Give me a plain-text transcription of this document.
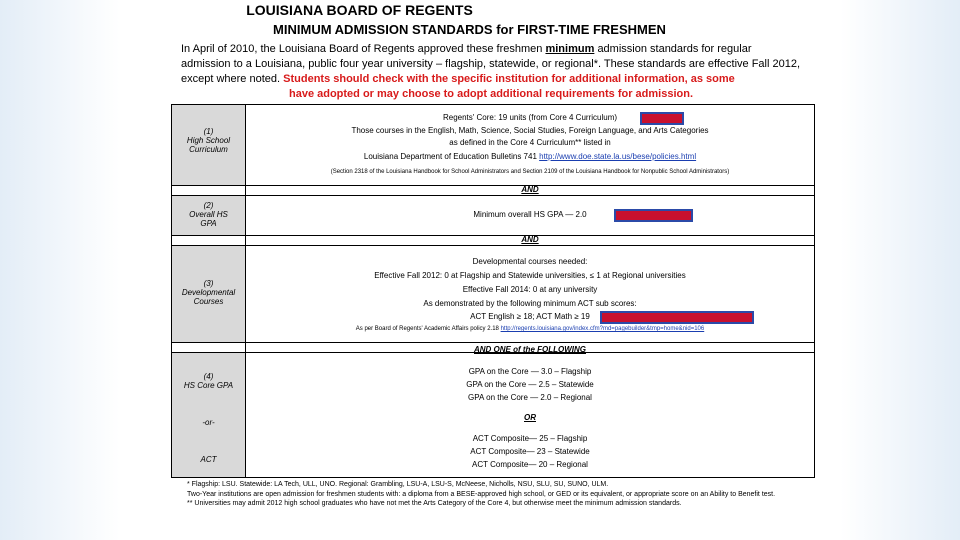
LOUISIANA BOARD OF REGENTS
MINIMUM ADMISSION STANDARDS for FIRST-TIME FRESHMEN
In April of 2010, the Louisiana Board of Regents approved these freshmen minimum admission standards for regular admission to a Louisiana, public four year university – flagship, statewide, or regional*. These standards are effective Fall 2012, except where noted. Students should check with the specific institution for additional information, as some
have adopted or may choose to adopt additional requirements for admission.
(1)
High School
Curriculum
Regents' Core: 19 units (from Core 4 Curriculum)
Those courses in the English, Math, Science, Social Studies, Foreign Language, and Arts Categories
as defined in the Core 4 Curriculum** listed in
Louisiana Department of Education Bulletins 741 http://www.doe.state.la.us/bese/policies.html
(Section 2318 of the Louisiana Handbook for School Administrators and Section 2109 of the Louisiana Handbook for Nonpublic School Administrators)
AND
(2)
Overall HS
GPA
Minimum overall HS GPA — 2.0
AND
(3)
Developmental
Courses
Developmental courses needed:
Effective Fall 2012: 0 at Flagship and Statewide universities, ≤ 1 at Regional universities
Effective Fall 2014: 0 at any university
As demonstrated by the following minimum ACT sub scores:
ACT English ≥ 18; ACT Math ≥ 19
As per Board of Regents' Academic Affairs policy 2.18 http://regents.louisiana.gov/index.cfm?md=pagebuilder&tmp=home&nid=106
AND ONE of the FOLLOWING
(4)
HS Core GPA
-or-
ACT
GPA on the Core — 3.0 – Flagship
GPA on the Core — 2.5 – Statewide
GPA on the Core — 2.0 – Regional
OR
ACT Composite— 25 – Flagship
ACT Composite— 23 – Statewide
ACT Composite— 20 – Regional
* Flagship: LSU. Statewide: LA Tech, ULL, UNO. Regional: Grambling, LSU-A, LSU-S, McNeese, Nicholls, NSU, SLU, SU, SUNO, ULM.
Two-Year institutions are open admission for freshmen students with: a diploma from a BESE-approved high school, or GED or its equivalent, or appropriate score on an Ability to Benefit test.
** Universities may admit 2012 high school graduates who have not met the Arts Category of the Core 4, but otherwise meet the minimum admission standards.
